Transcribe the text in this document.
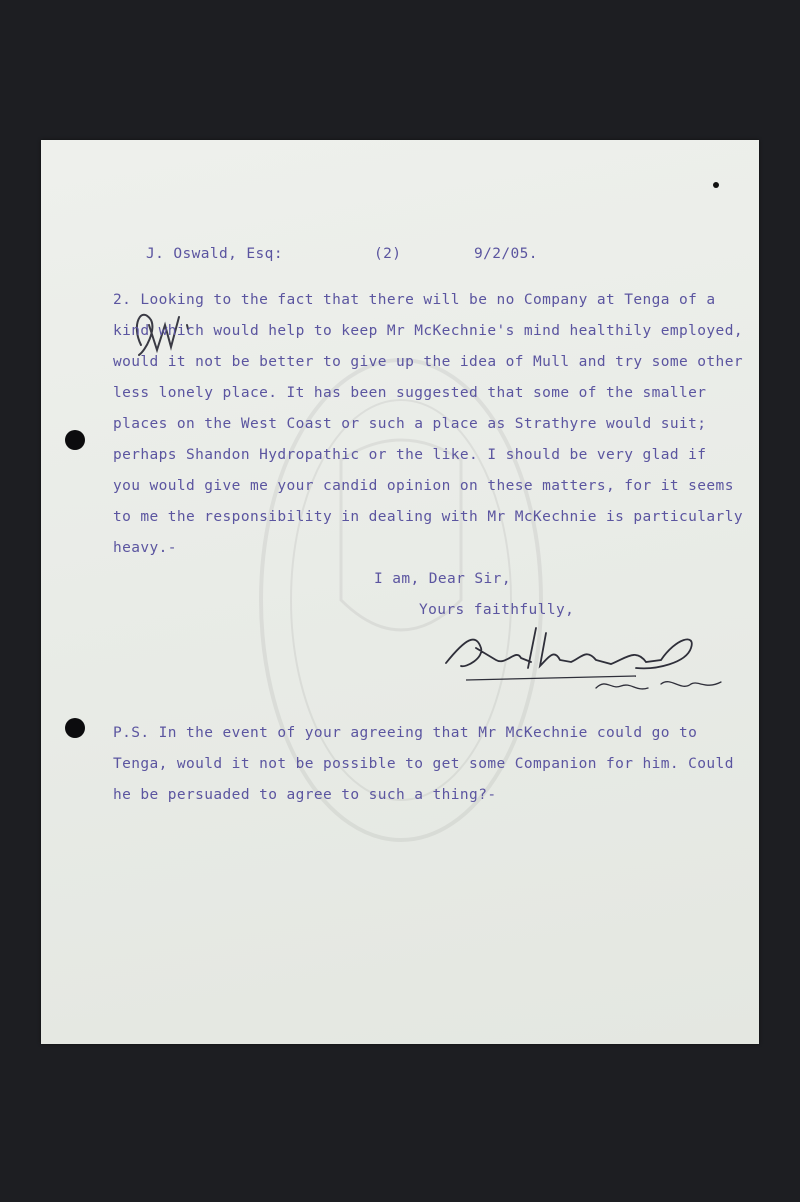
J. Oswald, Esq:	(2)	9/2/05.
2. Looking to the fact that there will be no Company at Tenga of a
kind which would help to keep Mr McKechnie's mind healthily employed,
would it not be better to give up the idea of Mull and try some other
less lonely place. It has been suggested that some of the smaller
places on the West Coast or such a place as Strathyre would suit;
perhaps Shandon Hydropathic or the like. I should be very glad if
you would give me your candid opinion on these matters, for it seems
to me the responsibility in dealing with Mr McKechnie is particularly
heavy.-
I am, Dear Sir,
Yours faithfully,
P.S. In the event of your agreeing that Mr McKechnie could go to
Tenga, would it not be possible to get some Companion for him. Could
he be persuaded to agree to such a thing?-
